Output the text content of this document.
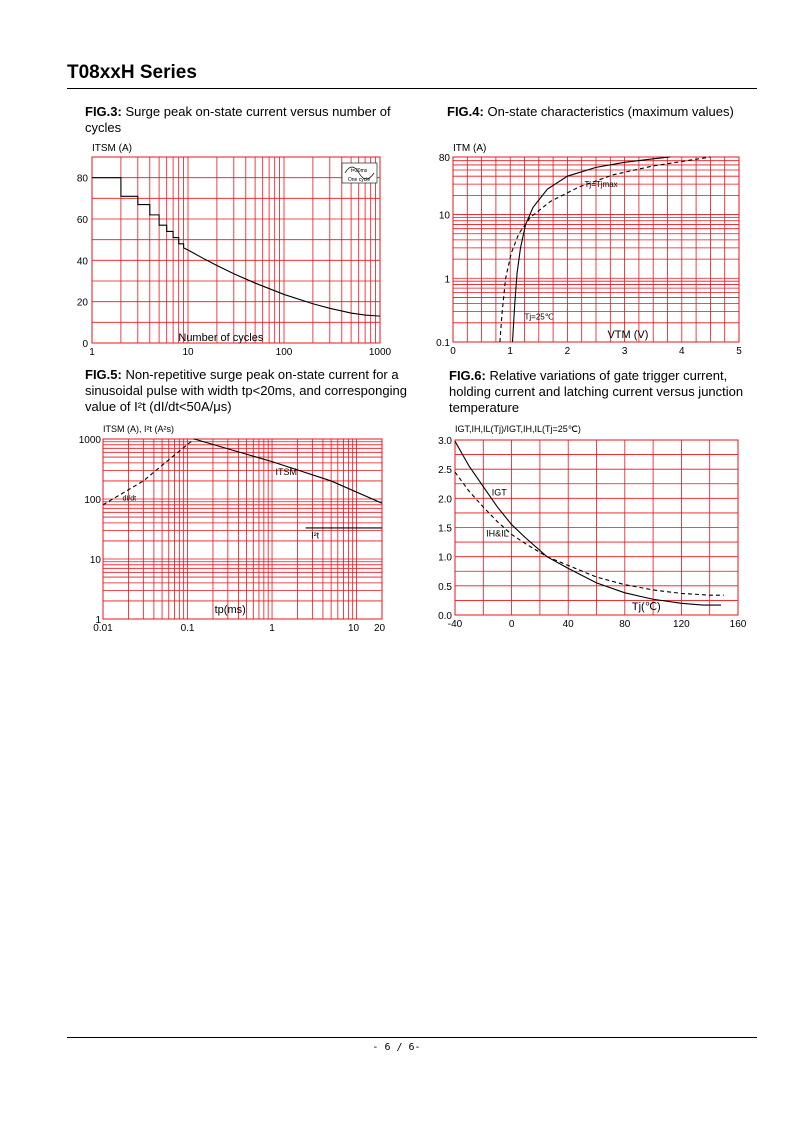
T08xxH Series
FIG.3: Surge peak on-state current versus number of cycles
FIG.4: On-state characteristics (maximum values)
FIG.5: Non-repetitive surge peak on-state current for a sinusoidal pulse with width tp<20ms, and corresponging value of I²t (dI/dt<50A/μs)
FIG.6: Relative variations of gate trigger current, holding current and latching current versus junction temperature
ITSM (A)
0
20
40
60
80
1	10	100	1000
Number of cycles
t=20ms
One cycle
ITM (A)
0.1
1
10
80
0	1	2	3	4	5
VTM (V)
Tj=Tjmax
Tj=25℃
ITSM (A), I²t (A²s)
1
10
100
1000
0.01	0.1	1	10 20
tp(ms)
ITSM
I²t
dI/dt
IGT,IH,IL(Tj)/IGT,IH,IL(Tj=25℃)
0.0
0.5
1.0
1.5
2.0
2.5
3.0
-40	0	40	80	120	160
Tj(℃)
IGT
IH&IL
- 6 / 6-
